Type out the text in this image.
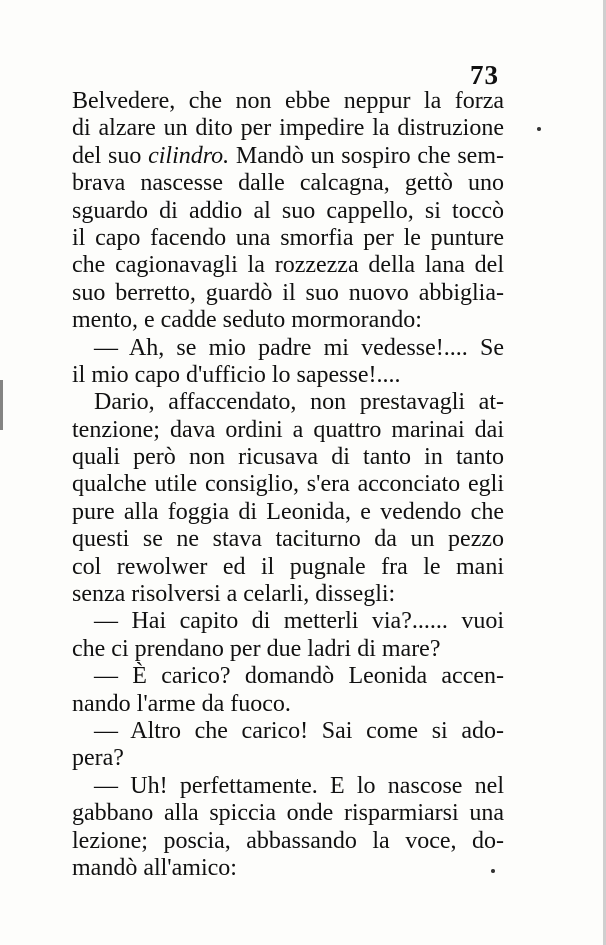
73
Belvedere, che non ebbe neppur la forza
di alzare un dito per impedire la distruzione
del suo cilindro. Mandò un sospiro che sem-
brava nascesse dalle calcagna, gettò uno
sguardo di addio al suo cappello, si toccò
il capo facendo una smorfia per le punture
che cagionavagli la rozzezza della lana del
suo berretto, guardò il suo nuovo abbiglia-
mento, e cadde seduto mormorando:
— Ah, se mio padre mi vedesse!.... Se
il mio capo d'ufficio lo sapesse!....
Dario, affaccendato, non prestavagli at-
tenzione; dava ordini a quattro marinai dai
quali però non ricusava di tanto in tanto
qualche utile consiglio, s'era acconciato egli
pure alla foggia di Leonida, e vedendo che
questi se ne stava taciturno da un pezzo
col rewolwer ed il pugnale fra le mani
senza risolversi a celarli, dissegli:
— Hai capito di metterli via?...... vuoi
che ci prendano per due ladri di mare?
— È carico? domandò Leonida accen-
nando l'arme da fuoco.
— Altro che carico! Sai come si ado-
pera?
— Uh! perfettamente. E lo nascose nel
gabbano alla spiccia onde risparmiarsi una
lezione; poscia, abbassando la voce, do-
mandò all'amico:
